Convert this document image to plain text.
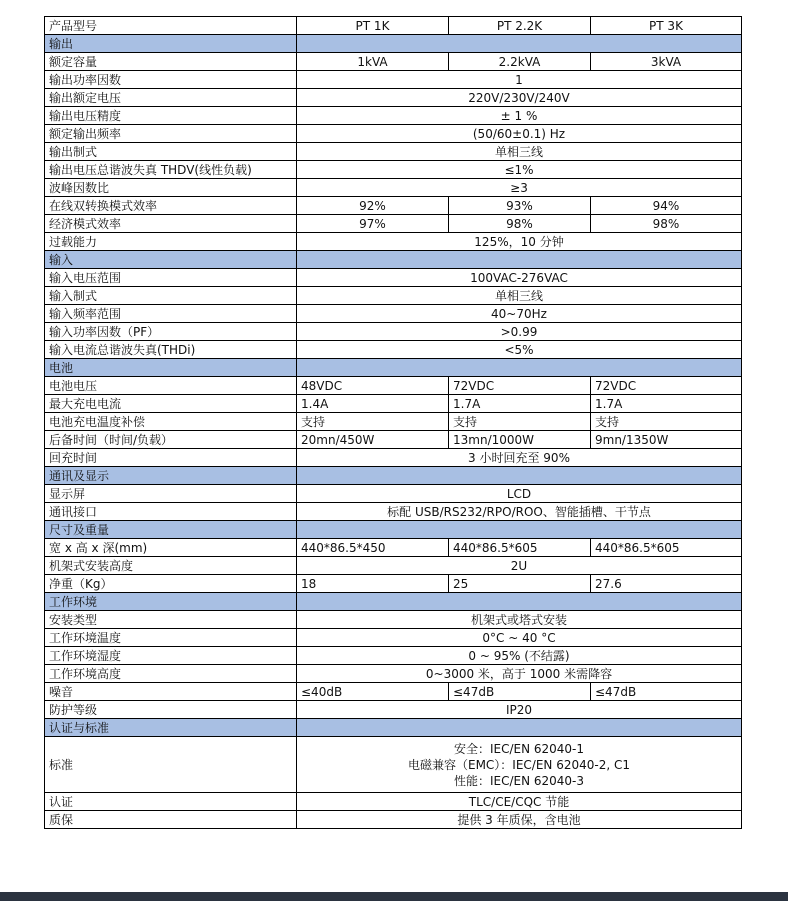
产品型号	PT 1K	PT 2.2K	PT 3K
输出			
额定容量	1kVA	2.2kVA	3kVA
输出功率因数	1		
输出额定电压	220V/230V/240V		
输出电压精度	± 1 %		
额定输出频率	(50/60±0.1) Hz		
输出制式	单相三线		
输出电压总谐波失真 THDV(线性负载)	≤1%		
波峰因数比	≥3		
在线双转换模式效率	92%	93%	94%
经济模式效率	97%	98%	98%
过载能力	125%，10 分钟		
输入			
输入电压范围	100VAC-276VAC		
输入制式	单相三线		
输入频率范围	40~70Hz		
输入功率因数（PF）	>0.99		
输入电流总谐波失真(THDi)	<5%		
电池			
电池电压	48VDC	72VDC	72VDC
最大充电电流	1.4A	1.7A	1.7A
电池充电温度补偿	支持	支持	支持
后备时间（时间/负载）	20mn/450W	13mn/1000W	9mn/1350W
回充时间	3 小时回充至 90%		
通讯及显示			
显示屏	LCD		
通讯接口	标配 USB/RS232/RPO/ROO、智能插槽、干节点		
尺寸及重量			
宽 x 高 x 深(mm)	440*86.5*450	440*86.5*605	440*86.5*605
机架式安装高度	2U		
净重（Kg）	18	25	27.6
工作环境			
安装类型	机架式或塔式安装		
工作环境温度	0°C ~ 40 °C		
工作环境湿度	0 ~ 95% (不结露)		
工作环境高度	0~3000 米，高于 1000 米需降容		
噪音	≤40dB	≤47dB	≤47dB
防护等级	IP20		
认证与标准			
标准	安全：IEC/EN 62040-1
电磁兼容（EMC）：IEC/EN 62040-2, C1
性能：IEC/EN 62040-3		

认证	TLC/CE/CQC 节能		
质保	提供 3 年质保，含电池		
